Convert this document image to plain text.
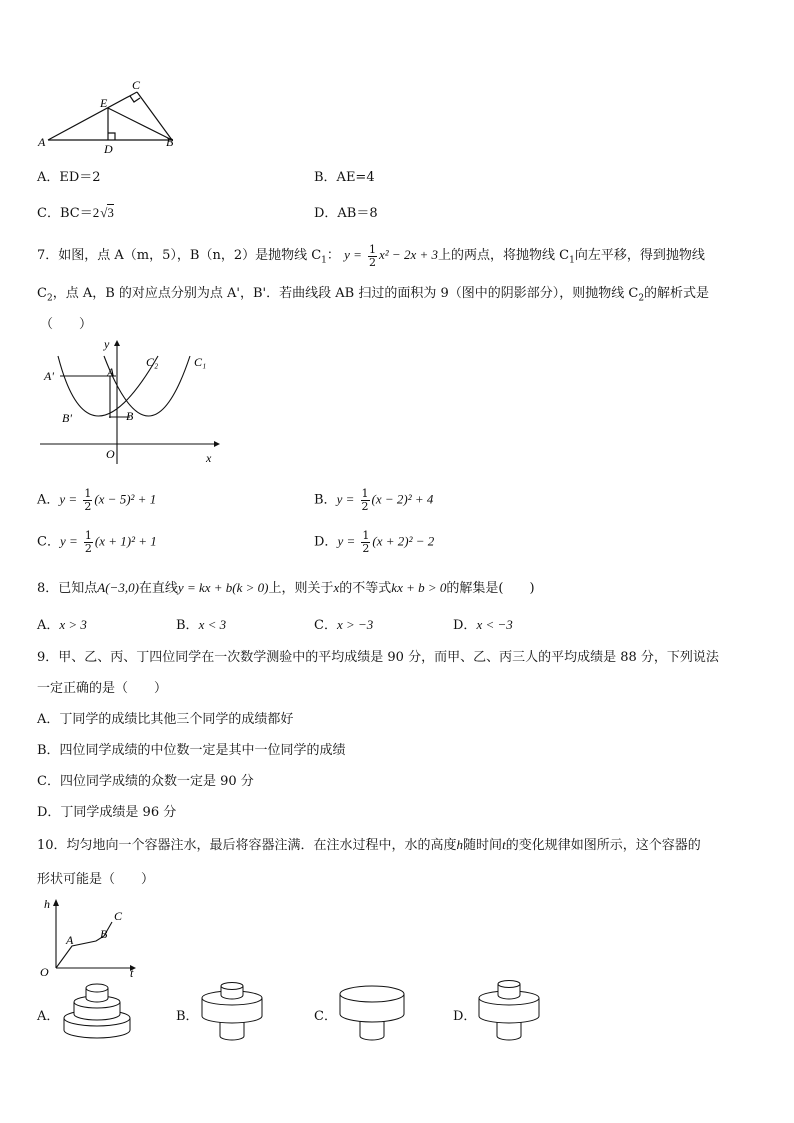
C
E
A	D	B
A．ED＝2	B．AE=4
C．BC＝2√3	D．AB＝8
7．如图，点 A（m，5），B（n，2）是抛物线 $C_1$： $y = \frac{1}{2} x^2 - 2x + 3$上的两点，将抛物线 $C_1$向左平移，得到抛物线
$C_2$，点 A，B 的对应点分别为点 A'，B'．若曲线段 AB 扫过的面积为 9（图中的阴影部分），则抛物线 $C_2$的解析式是
（　　）
y
x
O
C₂	C₁
A
A'
B
B'
A．$y = \frac{1}{2} (x - 5)^2 + 1$	B．$y = \frac{1}{2} (x - 2)^2 + 4$
C．$y = \frac{1}{2} (x + 1)^2 + 1$	D．$y = \frac{1}{2} (x + 2)^2 - 2$
8．已知点A(−3,0)在直线y = kx + b(k > 0)上，则关于x的不等式kx + b > 0的解集是(　　)
A．x > 3	B．x < 3	C．x > −3	D．x < −3
9．甲、乙、丙、丁四位同学在一次数学测验中的平均成绩是 90 分，而甲、乙、丙三人的平均成绩是 88 分，下列说法
一定正确的是（　　）
A．丁同学的成绩比其他三个同学的成绩都好
B．四位同学成绩的中位数一定是其中一位同学的成绩
C．四位同学成绩的众数一定是 90 分
D．丁同学成绩是 96 分
10．均匀地向一个容器注水，最后将容器注满．在注水过程中，水的高度h随时间t的变化规律如图所示，这个容器的
形状可能是（　　）
h
t
O
A B
C
A．	B．	C．	D．
